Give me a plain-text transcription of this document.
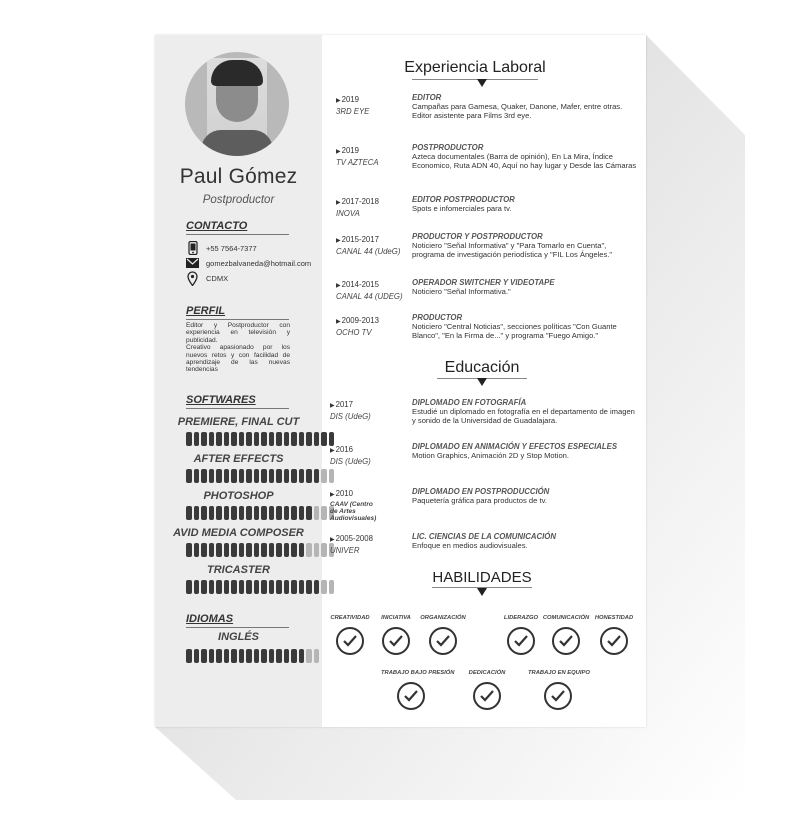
Paul Gómez
Postproductor
CONTACTO
+55 7564-7377
gomezbalvaneda@hotmail.com
CDMX
PERFIL
Editor y Postproductor con experiencia en televisión y publicidad.
Creativo apasionado por los nuevos retos y con facilidad de aprendizaje de las nuevas tendencias
SOFTWARES
PREMIERE, FINAL CUT
AFTER EFFECTS
PHOTOSHOP
AVID MEDIA COMPOSER
TRICASTER
IDIOMAS
INGLÉS
Experiencia Laboral
▶ 2019
3RD EYE
EDITOR
Campañas para Gamesa, Quaker, Danone, Mafer, entre otras. Editor asistente para Films 3rd eye.
▶ 2019
TV AZTECA
POSTPRODUCTOR
Azteca documentales (Barra de opinión), En La Mira, Índice Economico, Ruta ADN 40, Aquí no hay lugar y Desde las Cámaras
▶ 2017-2018
INOVA
EDITOR POSTPRODUCTOR
Spots e infomerciales para tv.
▶ 2015-2017
CANAL 44 (UdeG)
PRODUCTOR Y POSTPRODUCTOR
Noticiero "Señal Informativa" y "Para Tomarlo en Cuenta", programa de investigación periodística y "FIL Los Ángeles."
▶ 2014-2015
CANAL 44 (UDEG)
OPERADOR SWITCHER Y VIDEOTAPE
Noticiero "Señal Informativa."
▶ 2009-2013
OCHO TV
PRODUCTOR
Noticiero "Central Noticias", secciones políticas "Con Guante Blanco", "En la Firma de..." y programa "Fuego Amigo."
Educación
▶ 2017
DIS (UdeG)
DIPLOMADO EN FOTOGRAFÍA
Estudié un diplomado en fotografía en el departamento de imagen y sonido de la Universidad de Guadalajara.
▶ 2016
DIS (UdeG)
DIPLOMADO EN ANIMACIÓN Y EFECTOS ESPECIALES
Motion Graphics, Animación 2D y Stop Motion.
▶ 2010
CAAV (Centro de Artes
Audiovisuales)
DIPLOMADO EN POSTPRODUCCIÓN
Paquetería gráfica para productos de tv.
▶ 2005-2008
UNIVER
LIC. CIENCIAS DE LA COMUNICACIÓN
Enfoque en medios audiovisuales.
HABILIDADES
CREATIVIDAD	INICIATIVA	ORGANIZACIÓN	LIDERAZGO COMUNICACIÓN HONESTIDAD
TRABAJO BAJO PRESIÓN	DEDICACIÓN	TRABAJO EN EQUIPO
